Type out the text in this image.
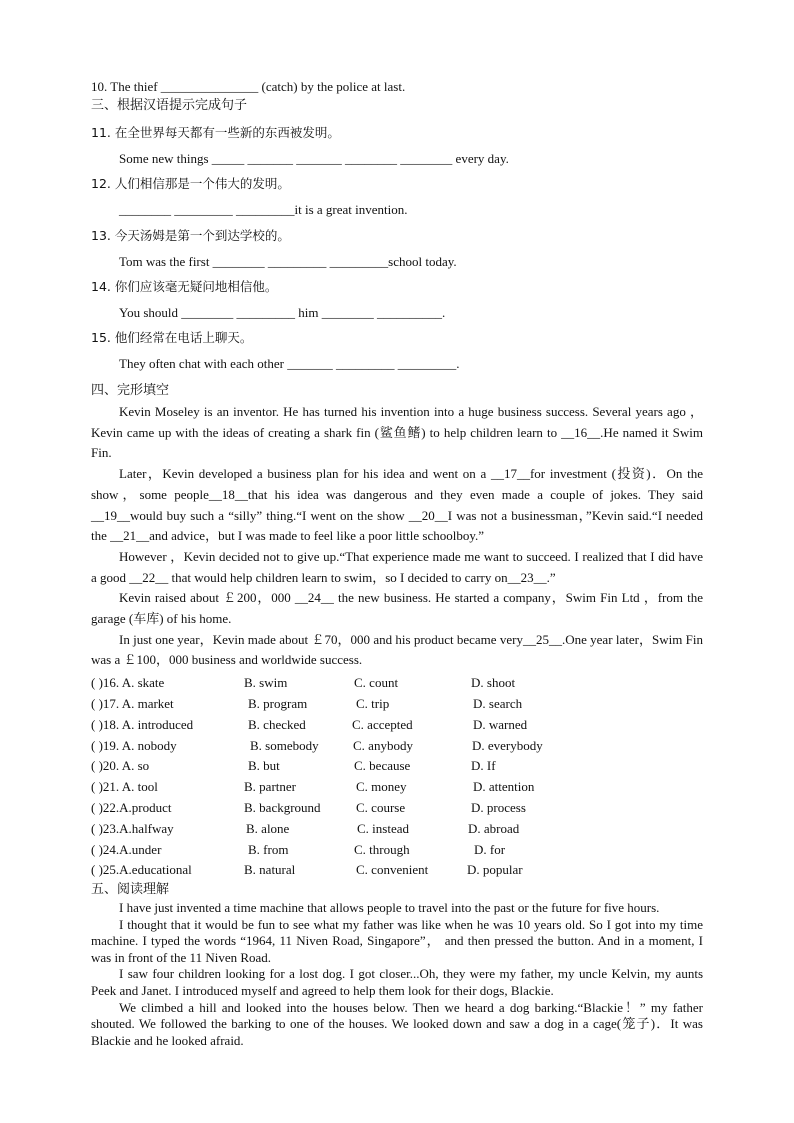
10. The thief _______________ (catch) by the police at last.
三、根据汉语提示完成句子
11. 在全世界每天都有一些新的东西被发明。
Some new things _____ _______ _______ ________ ________ every day.
12. 人们相信那是一个伟大的发明。
________ _________ _________it is a great invention.
13. 今天汤姆是第一个到达学校的。
Tom was the first ________ _________ _________school today.
14. 你们应该毫无疑问地相信他。
You should ________ _________ him ________ __________.
15. 他们经常在电话上聊天。
They often chat with each other _______ _________ _________.
四、完形填空

Kevin Moseley is an inventor. He has turned his invention into a huge business success. Several years ago ，Kevin came up with the ideas of creating a shark fin (鲨鱼鳍) to help children learn to __16__.He named it Swim Fin.

Later，Kevin developed a business plan for his idea and went on a __17__for investment (投资)．On the show，some people__18__that his idea was dangerous and they even made a couple of jokes. They said __19__would buy such a “silly” thing.“I went on the show __20__I was not a businessman，”Kevin said.“I needed the __21__and advice，but I was made to feel like a poor little schoolboy.”

However ，Kevin decided not to give up.“That experience made me want to succeed. I realized that I did have a good __22__ that would help children learn to swim，so I decided to carry on__23__.”

Kevin raised about ￡200，000 __24__ the new business. He started a company，Swim Fin Ltd ，from the garage (车库) of his home.

In just one year，Kevin made about ￡70，000 and his product became very__25__.One year later，Swim Fin was a ￡100，000 business and worldwide success.

( )16. A. skate	B. swim	C. count	D. shoot
( )17. A. market	B. program	C. trip	D. search
( )18. A. introduced	B. checked	C. accepted	D. warned
( )19. A. nobody	B. somebody	C. anybody	D. everybody
( )20. A. so	B. but	C. because	D. If
( )21. A. tool	B. partner	C. money	D. attention
( )22.A.product	B. background	C. course	D. process
( )23.A.halfway	B. alone	C. instead	D. abroad
( )24.A.under	B. from	C. through	D. for
( )25.A.educational	B. natural	C. convenient	D. popular
五、阅读理解

I have just invented a time machine that allows people to travel into the past or the future for five hours.

I thought that it would be fun to see what my father was like when he was 10 years old. So I got into my time machine. I typed the words “1964, 11 Niven Road, Singapore”， and then pressed the button. And in a moment, I was in front of the 11 Niven Road.

I saw four children looking for a lost dog. I got closer...Oh, they were my father, my uncle Kelvin, my aunts Peek and Janet. I introduced myself and agreed to help them look for their dogs, Blackie.

We climbed a hill and looked into the houses below. Then we heard a dog barking.“Blackie！” my father shouted. We followed the barking to one of the houses. We looked down and saw a dog in a cage(笼子)．It was Blackie and he looked afraid.
